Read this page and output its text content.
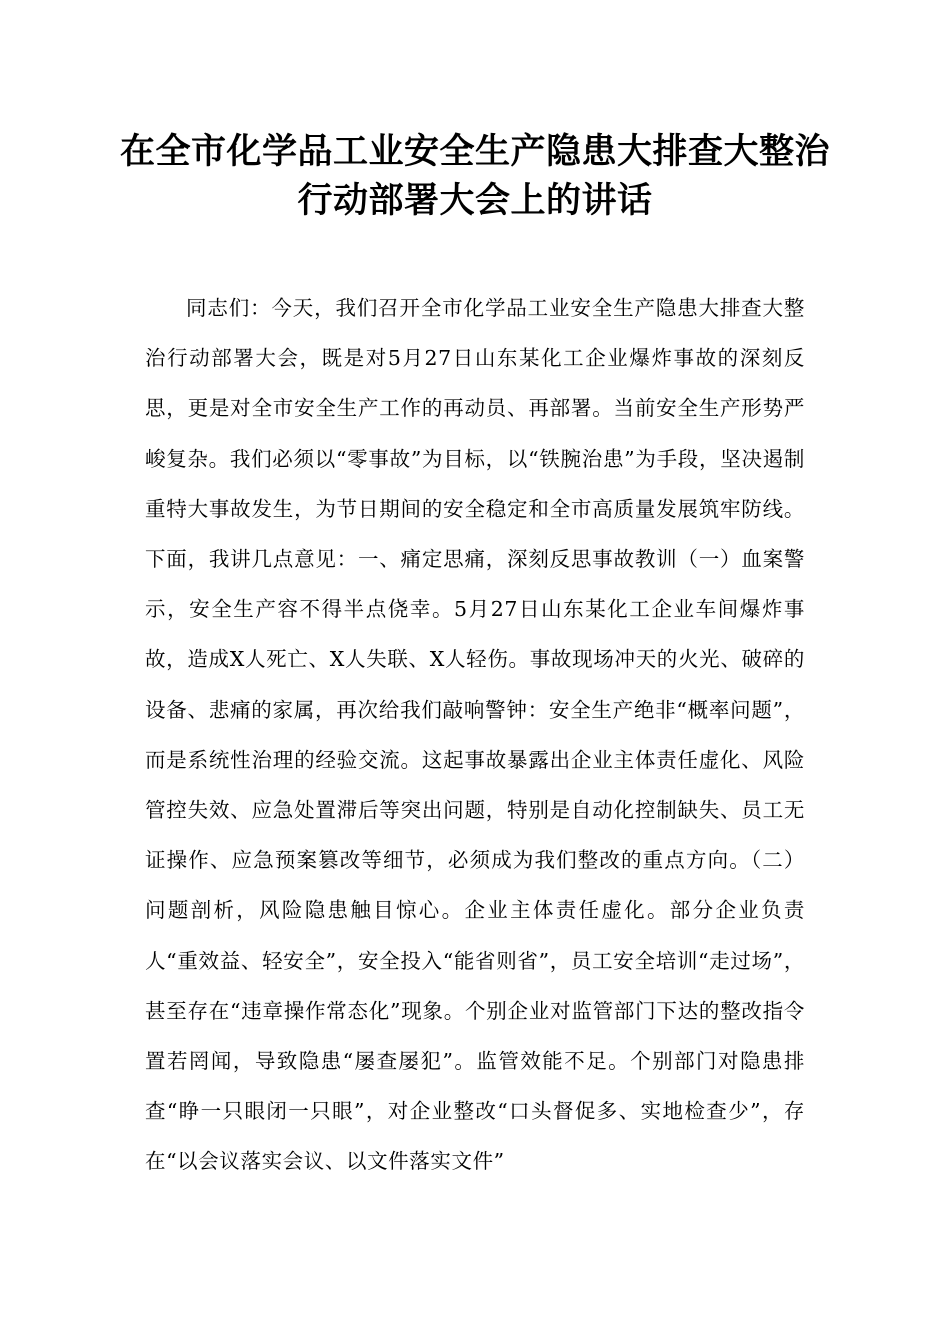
在全市化学品工业安全生产隐患大排查大整治行动部署大会上的讲话

同志们：今天，我们召开全市化学品工业安全生产隐患大排查大整治行动部署大会，既是对5月27日山东某化工企业爆炸事故的深刻反思，更是对全市安全生产工作的再动员、再部署。当前安全生产形势严峻复杂。我们必须以“零事故”为目标，以“铁腕治患”为手段，坚决遏制重特大事故发生，为节日期间的安全稳定和全市高质量发展筑牢防线。下面，我讲几点意见：一、痛定思痛，深刻反思事故教训（一）血案警示，安全生产容不得半点侥幸。5月27日山东某化工企业车间爆炸事故，造成X人死亡、X人失联、X人轻伤。事故现场冲天的火光、破碎的设备、悲痛的家属，再次给我们敲响警钟：安全生产绝非“概率问题”，而是系统性治理的经验交流。这起事故暴露出企业主体责任虚化、风险管控失效、应急处置滞后等突出问题，特别是自动化控制缺失、员工无证操作、应急预案篡改等细节，必须成为我们整改的重点方向。（二）问题剖析，风险隐患触目惊心。企业主体责任虚化。部分企业负责人“重效益、轻安全”，安全投入“能省则省”，员工安全培训“走过场”，甚至存在“违章操作常态化”现象。个别企业对监管部门下达的整改指令置若罔闻，导致隐患“屡查屡犯”。监管效能不足。个别部门对隐患排查“睁一只眼闭一只眼”，对企业整改“口头督促多、实地检查少”，存在“以会议落实会议、以文件落实文件”
